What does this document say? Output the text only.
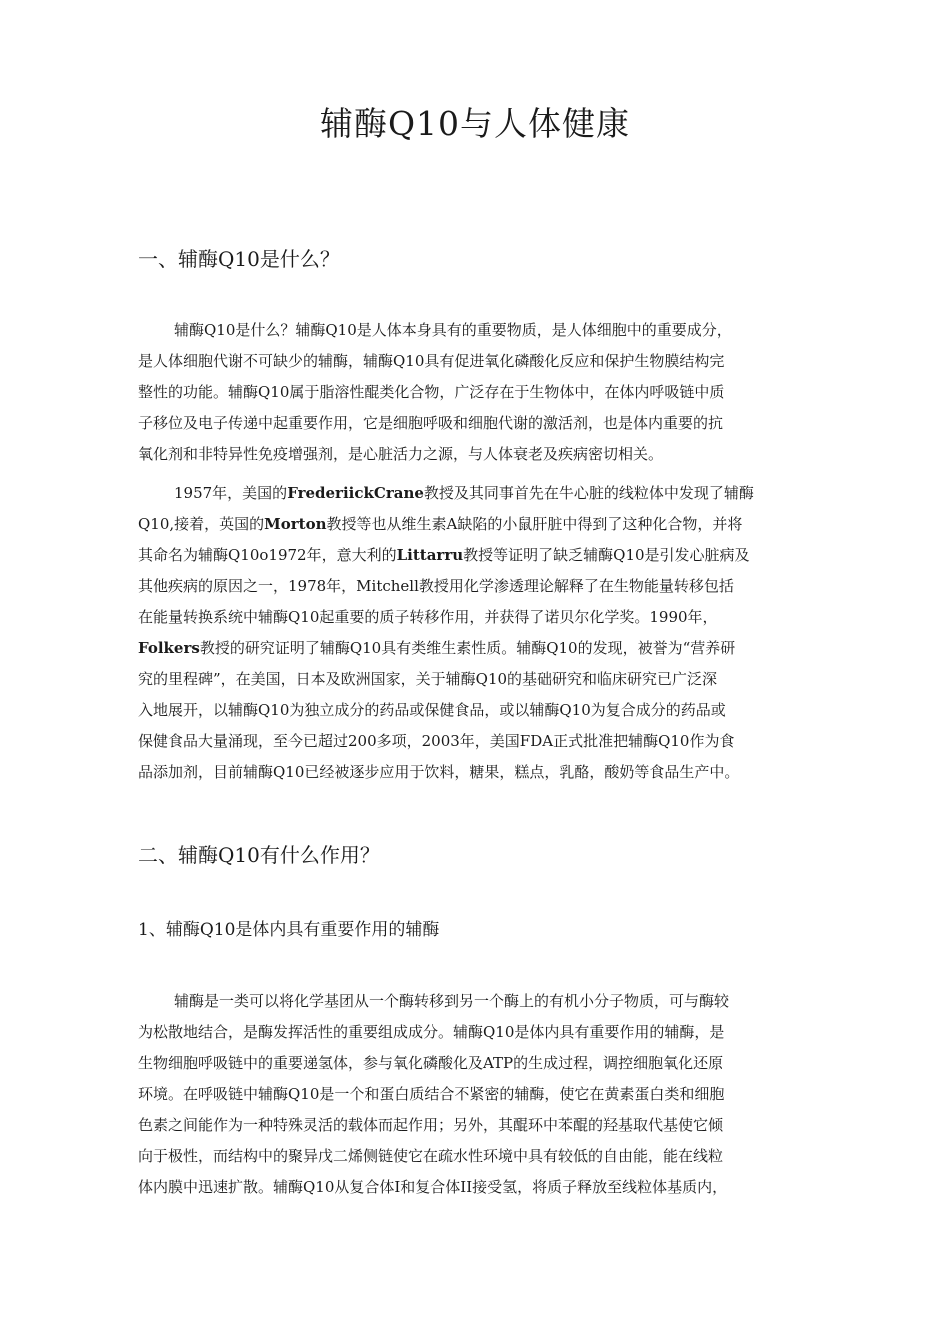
辅酶Q10与人体健康
一、辅酶Q10是什么？
辅酶Q10是什么？辅酶Q10是人体本身具有的重要物质，是人体细胞中的重要成分，
是人体细胞代谢不可缺少的辅酶，辅酶Q10具有促进氧化磷酸化反应和保护生物膜结构完
整性的功能。辅酶Q10属于脂溶性醌类化合物，广泛存在于生物体中，在体内呼吸链中质
子移位及电子传递中起重要作用，它是细胞呼吸和细胞代谢的激活剂，也是体内重要的抗
氧化剂和非特异性免疫增强剂，是心脏活力之源，与人体衰老及疾病密切相关。
1957年，美国的FrederiickCrane教授及其同事首先在牛心脏的线粒体中发现了辅酶
Q10,接着，英国的Morton教授等也从维生素A缺陷的小鼠肝脏中得到了这种化合物，并将
其命名为辅酶Q10o1972年，意大利的Littarru教授等证明了缺乏辅酶Q10是引发心脏病及
其他疾病的原因之一，1978年，Mitchell教授用化学渗透理论解释了在生物能量转移包括
在能量转换系统中辅酶Q10起重要的质子转移作用，并获得了诺贝尔化学奖。1990年，
Folkers教授的研究证明了辅酶Q10具有类维生素性质。辅酶Q10的发现，被誉为“营养研
究的里程碑”，在美国，日本及欧洲国家，关于辅酶Q10的基础研究和临床研究已广泛深
入地展开，以辅酶Q10为独立成分的药品或保健食品，或以辅酶Q10为复合成分的药品或
保健食品大量涌现，至今已超过200多项，2003年，美国FDA正式批准把辅酶Q10作为食
品添加剂，目前辅酶Q10已经被逐步应用于饮料，糖果，糕点，乳酪，酸奶等食品生产中。
二、辅酶Q10有什么作用？
1、辅酶Q10是体内具有重要作用的辅酶
辅酶是一类可以将化学基团从一个酶转移到另一个酶上的有机小分子物质，可与酶较
为松散地结合，是酶发挥活性的重要组成成分。辅酶Q10是体内具有重要作用的辅酶，是
生物细胞呼吸链中的重要递氢体，参与氧化磷酸化及ATP的生成过程，调控细胞氧化还原
环境。在呼吸链中辅酶Q10是一个和蛋白质结合不紧密的辅酶，使它在黄素蛋白类和细胞
色素之间能作为一种特殊灵活的载体而起作用；另外，其醌环中苯醌的羟基取代基使它倾
向于极性，而结构中的聚异戊二烯侧链使它在疏水性环境中具有较低的自由能，能在线粒
体内膜中迅速扩散。辅酶Q10从复合体I和复合体II接受氢，将质子释放至线粒体基质内，
